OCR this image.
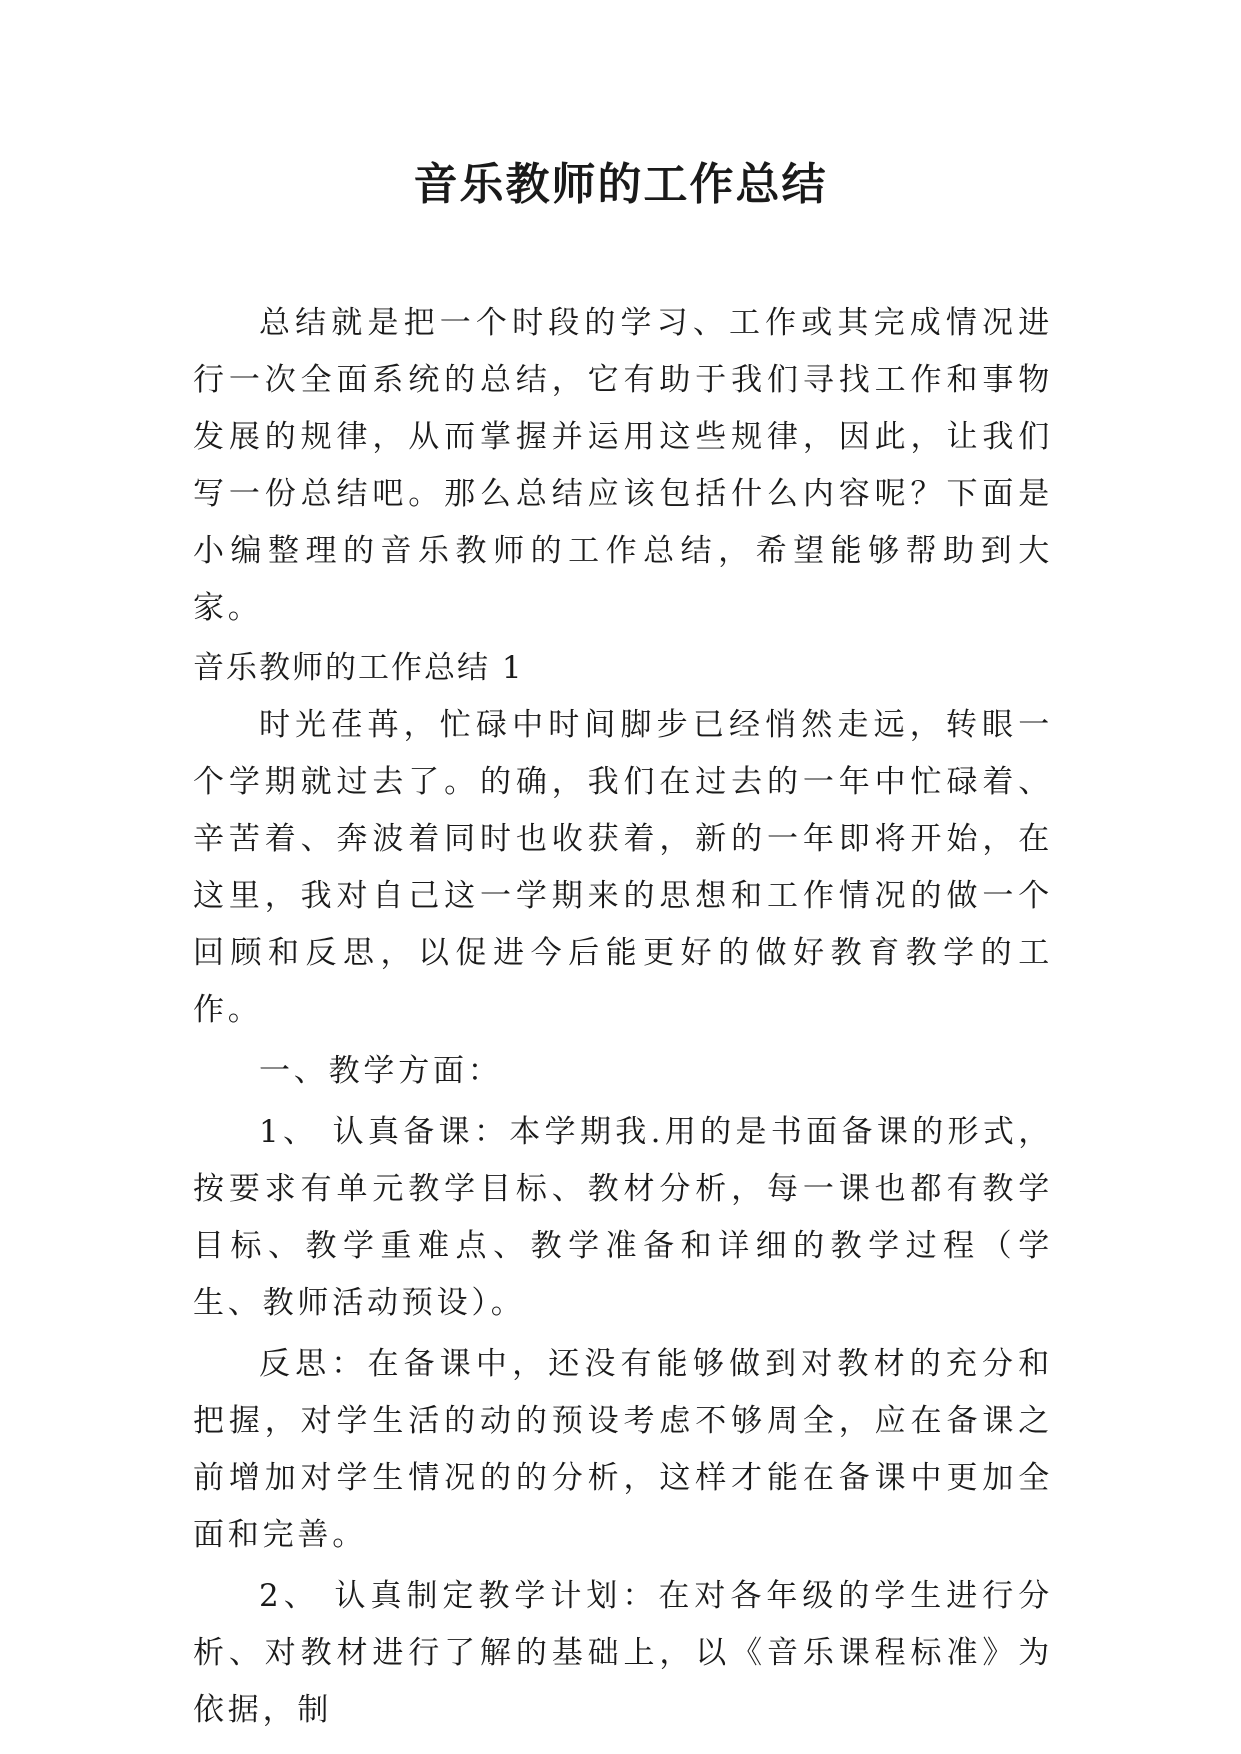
音乐教师的工作总结

总结就是把一个时段的学习、工作或其完成情况进行一次全面系统的总结，它有助于我们寻找工作和事物发展的规律，从而掌握并运用这些规律，因此，让我们写一份总结吧。那么总结应该包括什么内容呢？下面是小编整理的音乐教师的工作总结，希望能够帮助到大家。

音乐教师的工作总结 1

时光荏苒，忙碌中时间脚步已经悄然走远，转眼一个学期就过去了。的确，我们在过去的一年中忙碌着、辛苦着、奔波着同时也收获着，新的一年即将开始，在这里，我对自己这一学期来的思想和工作情况的做一个回顾和反思，以促进今后能更好的做好教育教学的工作。

一、教学方面：

1、 认真备课：本学期我.用的是书面备课的形式，按要求有单元教学目标、教材分析，每一课也都有教学目标、教学重难点、教学准备和详细的教学过程（学生、教师活动预设）。

反思：在备课中，还没有能够做到对教材的充分和把握，对学生活的动的预设考虑不够周全，应在备课之前增加对学生情况的的分析，这样才能在备课中更加全面和完善。

2、 认真制定教学计划：在对各年级的学生进行分析、对教材进行了解的基础上，以《音乐课程标准》为依据，制
